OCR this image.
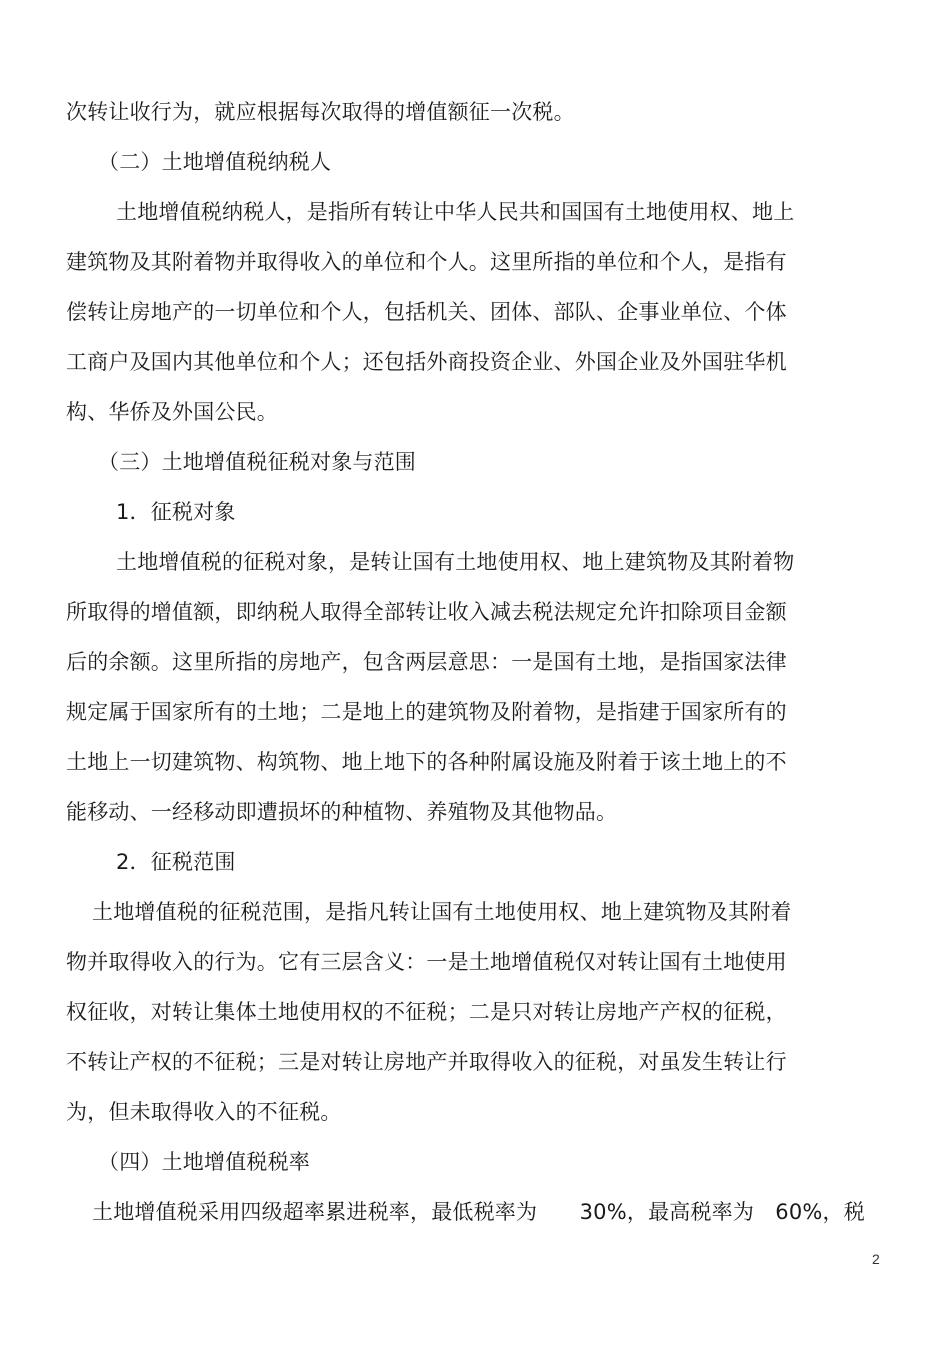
次转让收行为，就应根据每次取得的增值额征一次税。

（二）土地增值税纳税人

土地增值税纳税人，是指所有转让中华人民共和国国有土地使用权、地上

建筑物及其附着物并取得收入的单位和个人。这里所指的单位和个人，是指有

偿转让房地产的一切单位和个人，包括机关、团体、部队、企事业单位、个体

工商户及国内其他单位和个人；还包括外商投资企业、外国企业及外国驻华机

构、华侨及外国公民。

（三）土地增值税征税对象与范围

1．征税对象

土地增值税的征税对象，是转让国有土地使用权、地上建筑物及其附着物

所取得的增值额，即纳税人取得全部转让收入减去税法规定允许扣除项目金额

后的余额。这里所指的房地产，包含两层意思：一是国有土地，是指国家法律

规定属于国家所有的土地；二是地上的建筑物及附着物，是指建于国家所有的

土地上一切建筑物、构筑物、地上地下的各种附属设施及附着于该土地上的不

能移动、一经移动即遭损坏的种植物、养殖物及其他物品。

2．征税范围

土地增值税的征税范围，是指凡转让国有土地使用权、地上建筑物及其附着

物并取得收入的行为。它有三层含义：一是土地增值税仅对转让国有土地使用

权征收，对转让集体土地使用权的不征税；二是只对转让房地产产权的征税，

不转让产权的不征税；三是对转让房地产并取得收入的征税，对虽发生转让行

为，但未取得收入的不征税。

（四）土地增值税税率

土地增值税采用四级超率累进税率，最低税率为　　30%，最高税率为　60%，税

2
